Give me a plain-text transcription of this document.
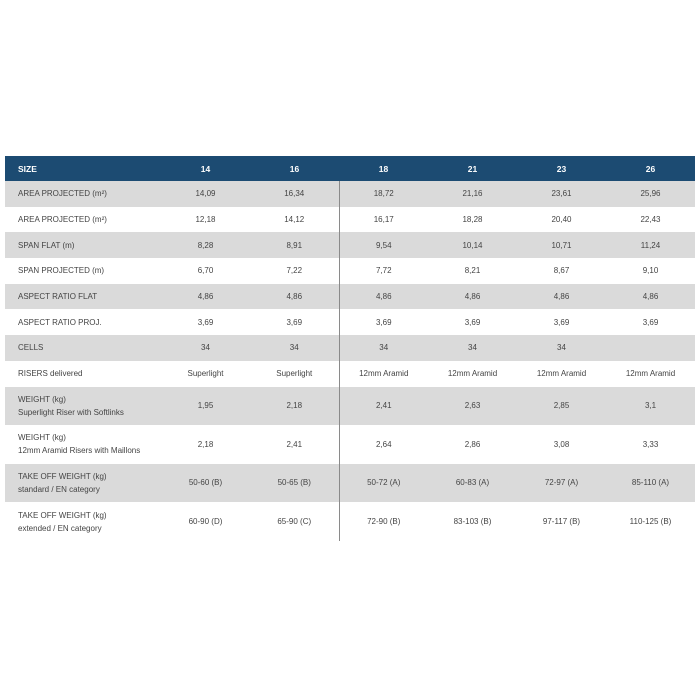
SIZE	14	16	18	21	23	26

AREA PROJECTED (m²)	14,09	16,34	18,72	21,16	23,61	25,96

AREA PROJECTED (m²)	12,18	14,12	16,17	18,28	20,40	22,43

SPAN FLAT (m)	8,28	8,91	9,54	10,14	10,71	11,24

SPAN PROJECTED (m)	6,70	7,22	7,72	8,21	8,67	9,10

ASPECT RATIO FLAT	4,86	4,86	4,86	4,86	4,86	4,86

ASPECT RATIO PROJ.	3,69	3,69	3,69	3,69	3,69	3,69

CELLS	34	34	34	34	34	

RISERS delivered	Superlight	Superlight	12mm Aramid	12mm Aramid	12mm Aramid	12mm Aramid

WEIGHT (kg)
Superlight Riser with Softlinks	1,95	2,18	2,41	2,63	2,85	3,1

WEIGHT (kg)
12mm Aramid Risers with Maillons	2,18	2,41	2,64	2,86	3,08	3,33

TAKE OFF WEIGHT (kg)
standard / EN category	50-60 (B)	50-65 (B)	50-72 (A)	60-83 (A)	72-97 (A)	85-110 (A)

TAKE OFF WEIGHT (kg)
extended / EN category	60-90 (D)	65-90 (C)	72-90 (B)	83-103 (B)	97-117 (B)	110-125 (B)
